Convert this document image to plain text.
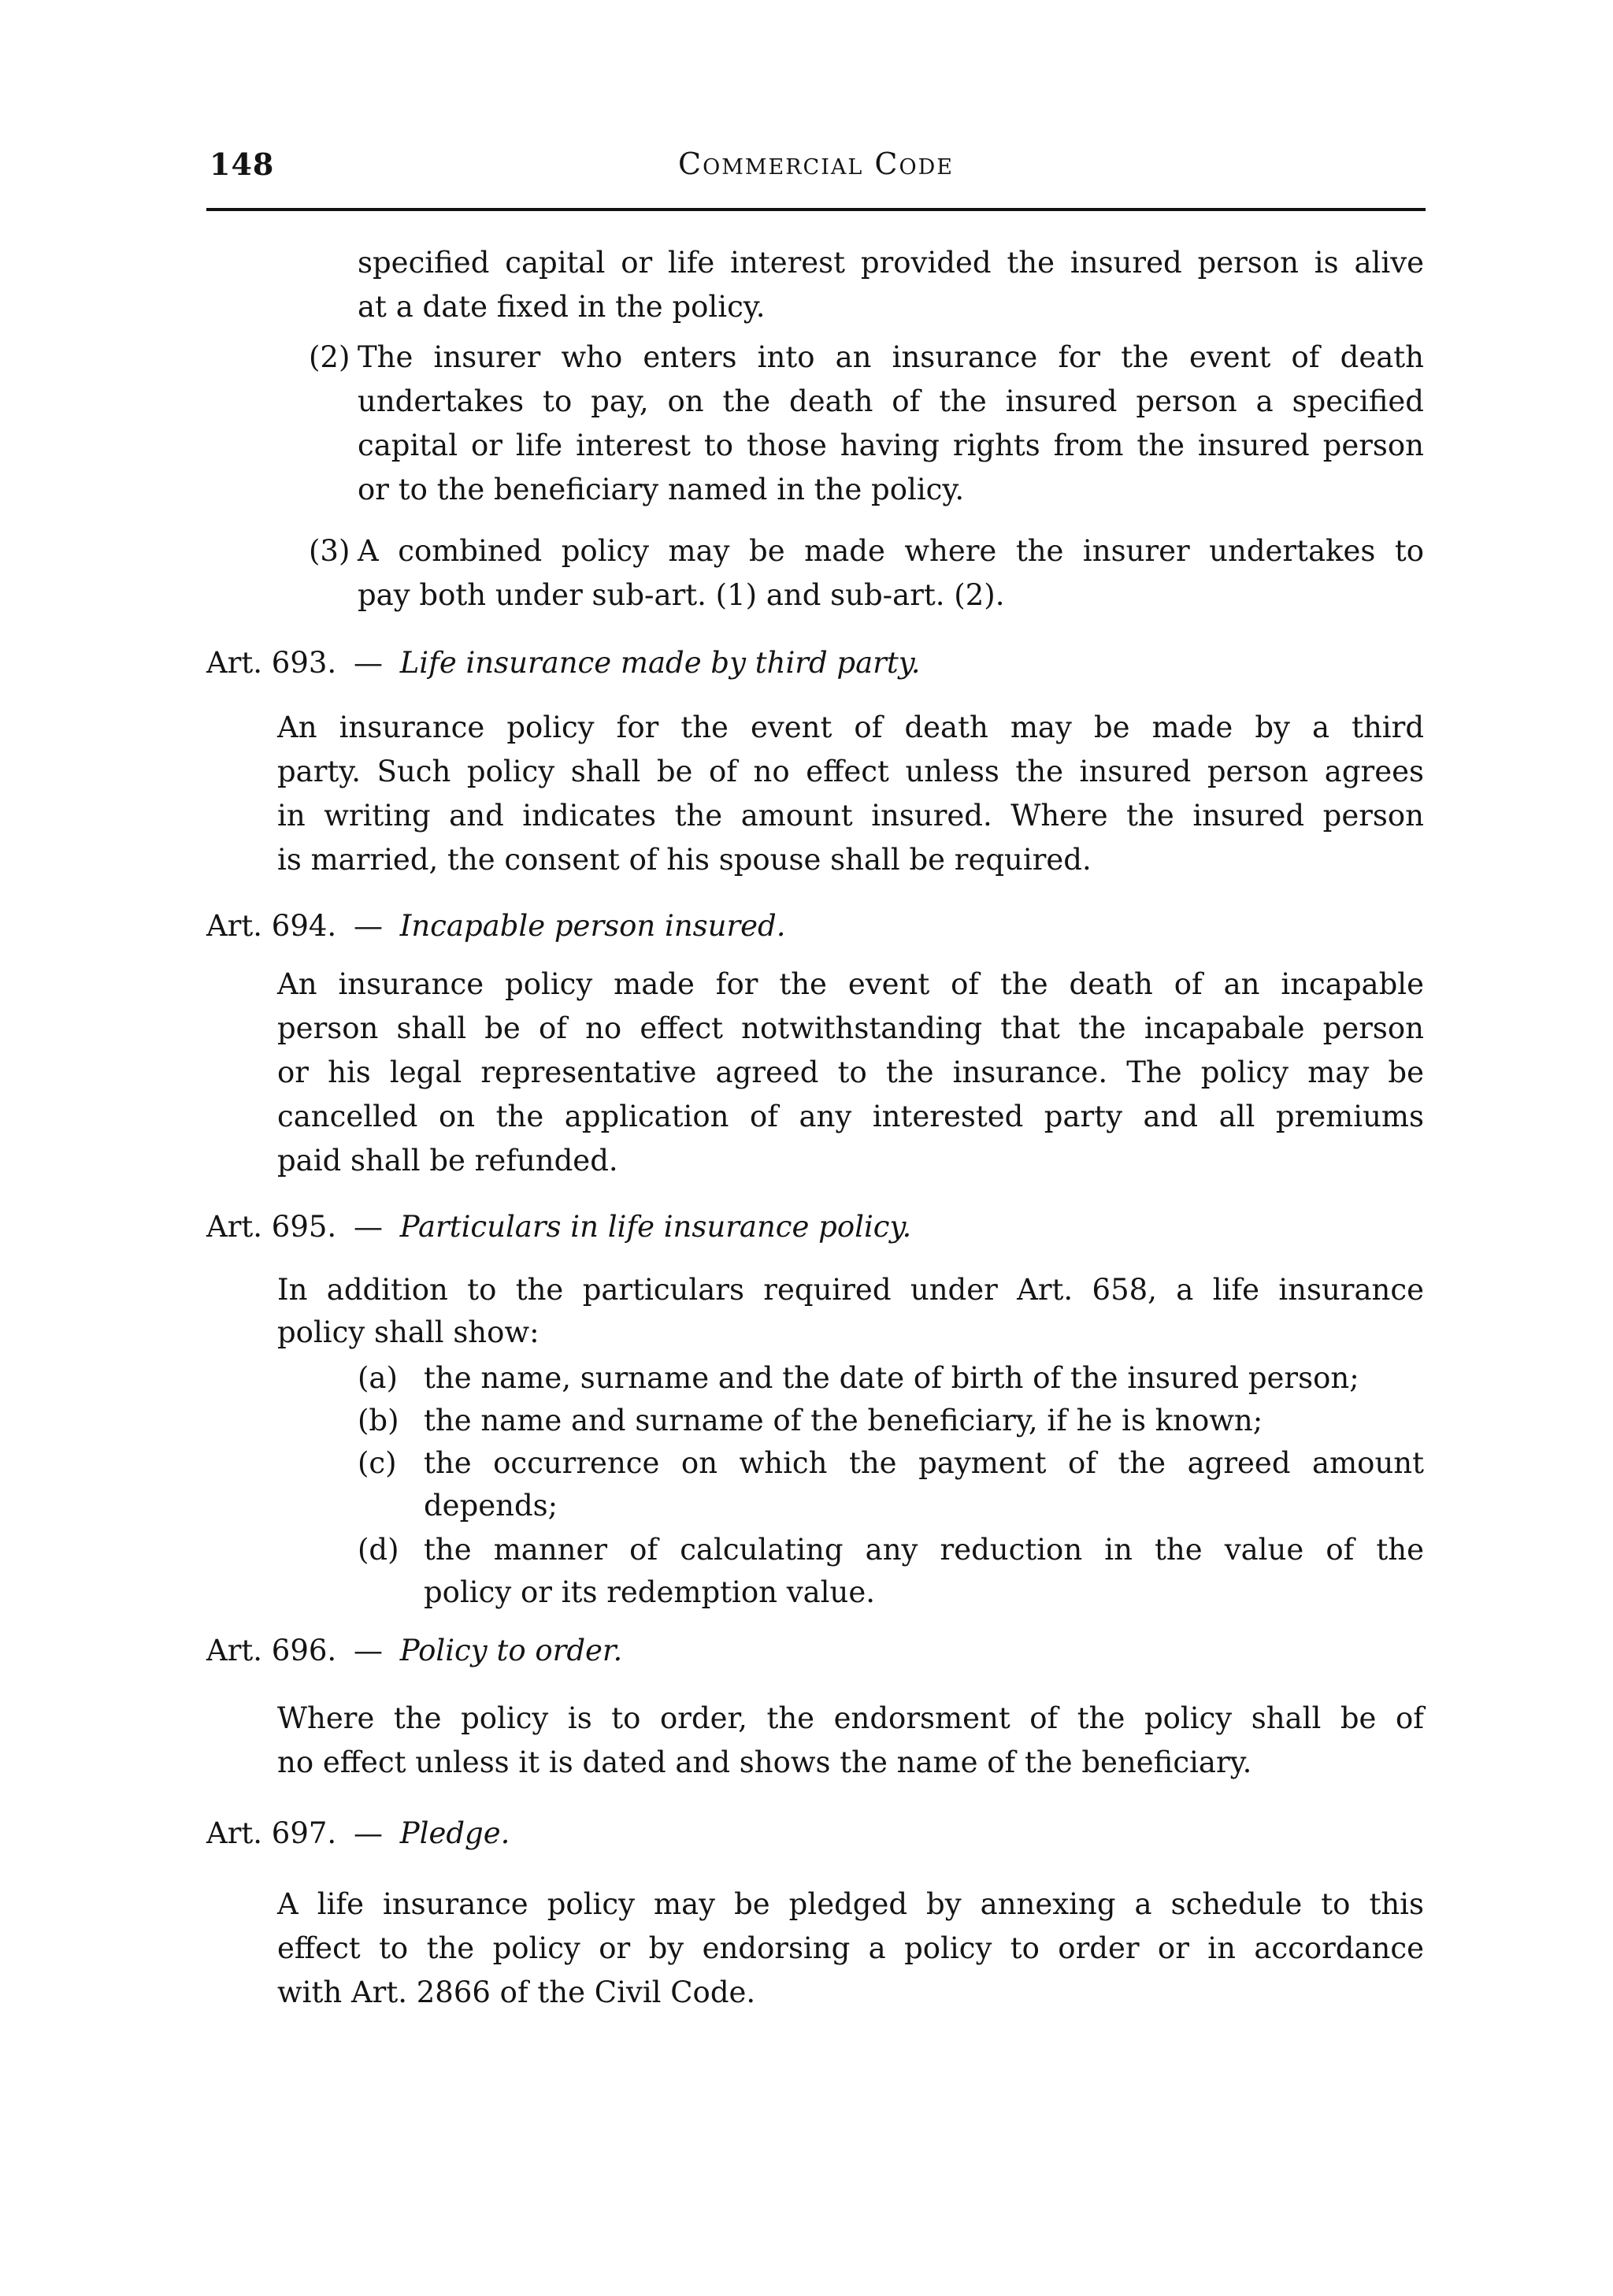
148	Commercial Code
specified capital or life interest provided the insured person is alive
at a date fixed in the policy.
(2) The insurer who enters into an insurance for the event of death
undertakes to pay, on the death of the insured person a specified
capital or life interest to those having rights from the insured person
or to the beneficiary named in the policy.
(3) A combined policy may be made where the insurer undertakes to
pay both under sub-art. (1) and sub-art. (2).
Art. 693. — Life insurance made by third party.
An insurance policy for the event of death may be made by a third
party. Such policy shall be of no effect unless the insured person agrees
in writing and indicates the amount insured. Where the insured person
is married, the consent of his spouse shall be required.
Art. 694. — Incapable person insured.
An insurance policy made for the event of the death of an incapable
person shall be of no effect notwithstanding that the incapabale person
or his legal representative agreed to the insurance. The policy may be
cancelled on the application of any interested party and all premiums
paid shall be refunded.
Art. 695. — Particulars in life insurance policy.
In addition to the particulars required under Art. 658, a life insurance
policy shall show:
(a) the name, surname and the date of birth of the insured person;
(b) the name and surname of the beneficiary, if he is known;
(c) the occurrence on which the payment of the agreed amount
depends;
(d) the manner of calculating any reduction in the value of the
policy or its redemption value.
Art. 696. — Policy to order.
Where the policy is to order, the endorsment of the policy shall be of
no effect unless it is dated and shows the name of the beneficiary.
Art. 697. — Pledge.
A life insurance policy may be pledged by annexing a schedule to this
effect to the policy or by endorsing a policy to order or in accordance
with Art. 2866 of the Civil Code.
